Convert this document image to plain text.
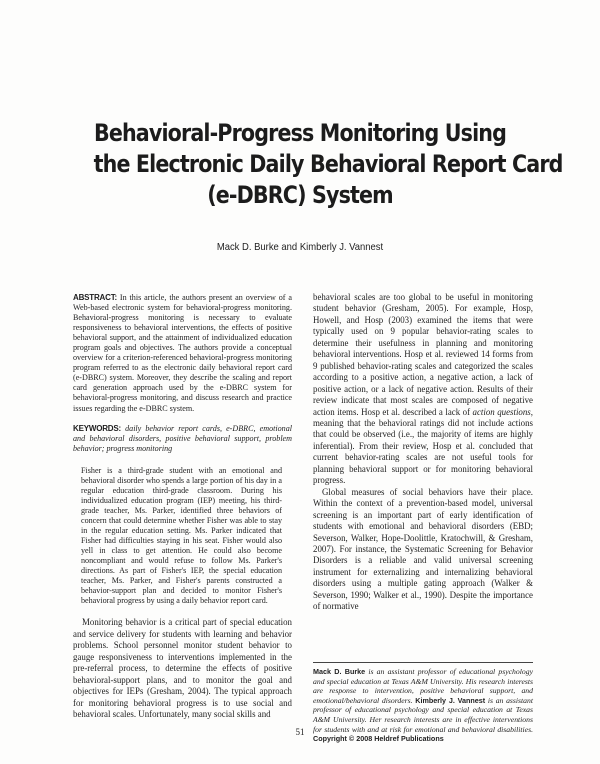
Behavioral-Progress Monitoring Using
the Electronic Daily Behavioral Report Card
(e-DBRC) System
Mack D. Burke and Kimberly J. Vannest
ABSTRACT: In this article, the authors present an overview of a Web-based electronic system for behavioral-progress monitoring. Behavioral-progress monitoring is necessary to evaluate responsiveness to behavioral interventions, the effects of positive behavioral support, and the attainment of individualized education program goals and objectives. The authors provide a conceptual overview for a criterion-referenced behavioral-progress monitoring program referred to as the electronic daily behavioral report card (e-DBRC) system. Moreover, they describe the scaling and report card generation approach used by the e-DBRC system for behavioral-progress monitoring, and discuss research and practice issues regarding the e-DBRC system.
KEYWORDS: daily behavior report cards, e-DBRC, emotional and behavioral disorders, positive behavioral support, problem behavior; progress monitoring
Fisher is a third-grade student with an emotional and behavioral disorder who spends a large portion of his day in a regular education third-grade classroom. During his individualized education program (IEP) meeting, his third-grade teacher, Ms. Parker, identified three behaviors of concern that could determine whether Fisher was able to stay in the regular education setting. Ms. Parker indicated that Fisher had difficulties staying in his seat. Fisher would also yell in class to get attention. He could also become noncompliant and would refuse to follow Ms. Parker's directions. As part of Fisher's IEP, the special education teacher, Ms. Parker, and Fisher's parents constructed a behavior-support plan and decided to monitor Fisher's behavioral progress by using a daily behavior report card.

Monitoring behavior is a critical part of special education and service delivery for students with learning and behavior problems. School personnel monitor student behavior to gauge responsiveness to interventions implemented in the pre-referral process, to determine the effects of positive behavioral-support plans, and to monitor the goal and objectives for IEPs (Gresham, 2004). The typical approach for monitoring behavioral progress is to use social and behavioral scales. Unfortunately, many social skills and

behavioral scales are too global to be useful in monitoring student behavior (Gresham, 2005). For example, Hosp, Howell, and Hosp (2003) examined the items that were typically used on 9 popular behavior-rating scales to determine their usefulness in planning and monitoring behavioral interventions. Hosp et al. reviewed 14 forms from 9 published behavior-rating scales and categorized the scales according to a positive action, a negative action, a lack of positive action, or a lack of negative action. Results of their review indicate that most scales are composed of negative action items. Hosp et al. described a lack of action questions, meaning that the behavioral ratings did not include actions that could be observed (i.e., the majority of items are highly inferential). From their review, Hosp et al. concluded that current behavior-rating scales are not useful tools for planning behavioral support or for monitoring behavioral progress.

Global measures of social behaviors have their place. Within the context of a prevention-based model, universal screening is an important part of early identification of students with emotional and behavioral disorders (EBD; Severson, Walker, Hope-Doolittle, Kratochwill, & Gresham, 2007). For instance, the Systematic Screening for Behavior Disorders is a reliable and valid universal screening instrument for externalizing and internalizing behavioral disorders using a multiple gating approach (Walker & Severson, 1990; Walker et al., 1990). Despite the importance of normative

Mack D. Burke is an assistant professor of educational psychology and special education at Texas A&M University. His research interests are response to intervention, positive behavioral support, and emotional/behavioral disorders. Kimberly J. Vannest is an assistant professor of educational psychology and special education at Texas A&M University. Her research interests are in effective interventions for students with and at risk for emotional and behavioral disabilities. Copyright © 2008 Heldref Publications
51
